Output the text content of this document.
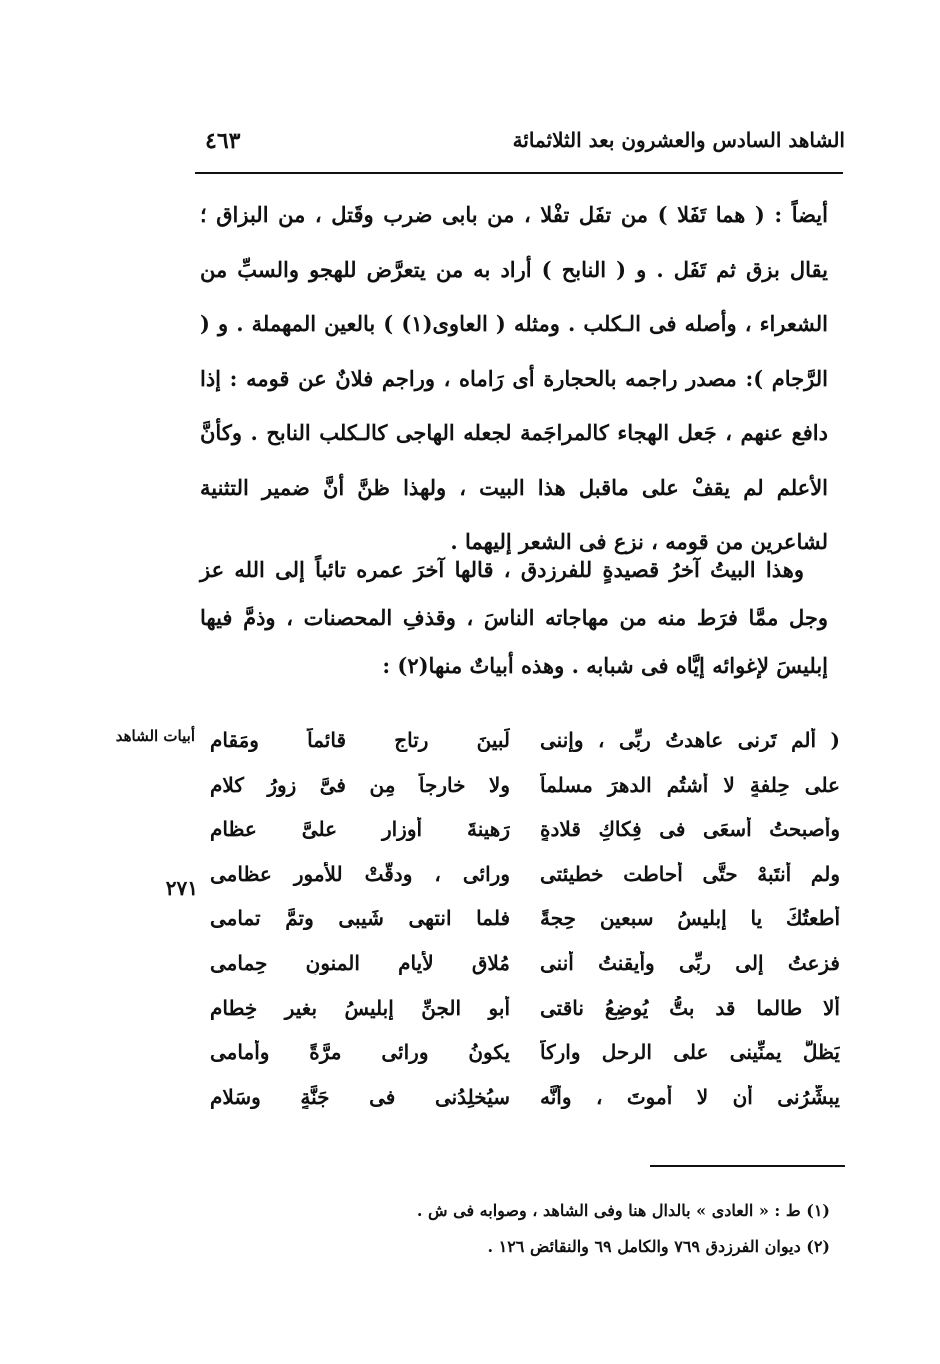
الشاهد السادس والعشرون بعد الثلاثمائة
٤٦٣
أيضاً : ( هما تَفَلا ) من تفَل تفْلا ، من بابى ضرب وقَتل ، من البزاق ؛ يقال بزق ثم تَفَل . و ( النابح ) أراد به من يتعرَّض للهجو والسبِّ من الشعراء ، وأصله فى الـكلب . ومثله ( العاوى(١) ) بالعين المهملة . و ( الرَّجام ): مصدر راجمه بالحجارة أى رَاماه ، وراجم فلانٌ عن قومه : إذا دافع عنهم ، جَعل الهجاء كالمراجَمة لجعله الهاجى كالـكلب النابح . وكأنَّ الأعلم لم يقفْ على ماقبل هذا البيت ، ولهذا ظنَّ أنَّ ضمير التثنية لشاعرين من قومه ، نزع فى الشعر إليهما .
وهذا البيتُ آخرُ قصيدةٍ للفرزدق ، قالها آخرَ عمره تائباً إلى الله عز وجل ممَّا فرَط منه من مهاجاته الناسَ ، وقذفِ المحصنات ، وذمَّ فيها إبليسَ لإغوائه إيَّاه فى شبابه . وهذه أبياتٌ منها(٢) :
أبيات الشاهد
٢٧١
( ألم تَرنى عاهدتُ ربِّى ، وإننى
لَبينَ رِتاجٍ قائماً ومَقام
على حِلفةٍ لا أشتُم الدهرَ مسلماً
ولا خارجاً مِن فىَّ زورُ كلامِ
وأصبحتُ أسعَى فى فِكاكِ قلادةٍ
رَهينةَ أوزارٍ علىَّ عظامِ
ولم أنتَبهْ حتَّى أحاطت خطيئتى
ورائى ، ودقَّتْ للأمورِ عظامى
أطعتُكَ يا إبليسُ سبعين حِجةً
فلما انتهى شَيبى وتمَّ تمامى
فزِعتُ إلى ربِّى وأيقنتُ أننى
مُلاقٍ لأيامِ المنونِ حِمامى
ألا طالما قد بتُّ يُوضِعُ ناقتى
أبو الجنِّ إبليسُ بغيرِ خِطامِ
يَظلُّ يمنِّينى على الرحل وارِكاً
يكونُ ورائى مرَّةً وأمامى
يبشِّرُنى أن لا أموتَ ، وأنَّه
سيُخلِدُنى فى جَنَّةٍ وسَلامِ
(١) ط : « العادى » بالدال هنا وفى الشاهد ، وصوابه فى ش .
(٢) ديوان الفرزدق ٧٦٩ والكامل ٦٩ والنقائض ١٢٦ .
